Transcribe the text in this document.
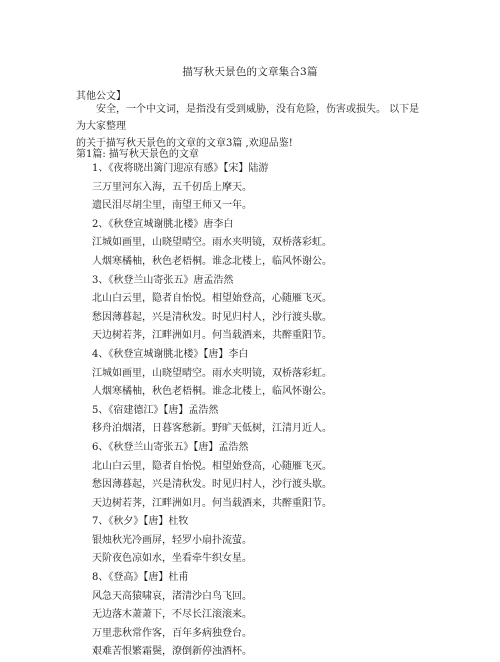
描写秋天景色的文章集合3篇
其他公文】
安全，一个中文词，是指没有受到威胁，没有危险，伤害或损失。 以下是为大家整理
的关于描写秋天景色的文章的文章3篇 ,欢迎品鉴!
第1篇: 描写秋天景色的文章
1、《夜将晓出篱门迎凉有感》【宋】陆游
三万里河东入海，五千仞岳上摩天。
遗民泪尽胡尘里，南望王师又一年。
2、《秋登宣城谢朓北楼》唐李白
江城如画里，山晓望晴空。雨水夹明镜，双桥落彩虹。
人烟寒橘柚，秋色老梧桐。谁念北楼上，临风怀谢公。
3、《秋登兰山寄张五》唐孟浩然
北山白云里，隐者自怡悦。相望始登高，心随雁飞灭。
愁因薄暮起，兴是清秋发。时见归村人，沙行渡头歇。
天边树若荠，江畔洲如月。何当载酒来，共醉重阳节。
4、《秋登宣城谢朓北楼》【唐】李白
江城如画里，山晓望晴空。雨水夹明镜，双桥落彩虹。
人烟寒橘柚，秋色老梧桐。谁念北楼上，临风怀谢公。
5、《宿建德江》【唐】孟浩然
移舟泊烟渚，日暮客愁新。野旷天低树，江清月近人。
6、《秋登兰山寄张五》【唐】孟浩然
北山白云里，隐者自怡悦。相望始登高，心随雁飞灭。
愁因薄暮起，兴是清秋发。时见归村人，沙行渡头歇。
天边树若荠，江畔洲如月。何当载酒来，共醉重阳节。
7、《秋夕》【唐】杜牧
银烛秋光冷画屏，轻罗小扇扑流萤。
天阶夜色凉如水，坐看牵牛织女星。
8、《登高》【唐】杜甫
风急天高猿啸哀，渚清沙白鸟飞回。
无边落木萧萧下，不尽长江滚滚来。
万里悲秋常作客，百年多病独登台。
艰难苦恨繁霜鬓，潦倒新停浊酒杯。
